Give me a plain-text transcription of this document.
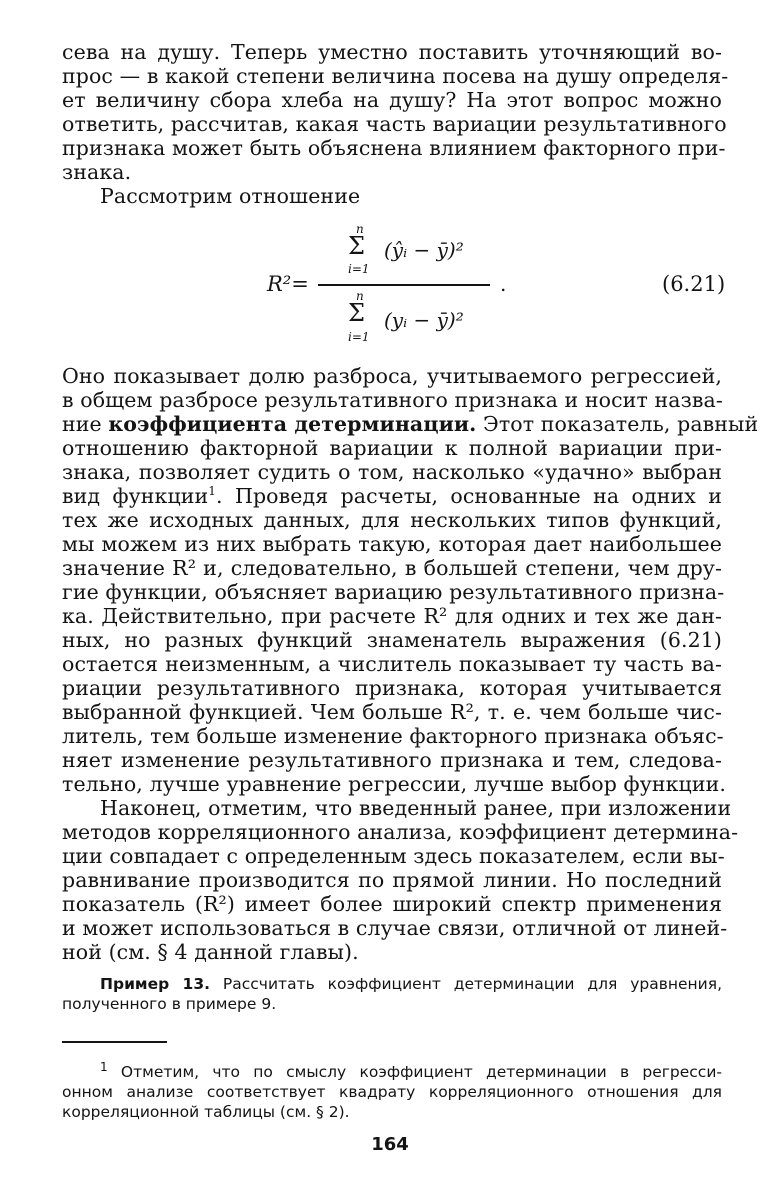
сева на душу. Теперь уместно поставить уточняющий во-
прос — в какой степени величина посева на душу определя-
ет величину сбора хлеба на душу? На этот вопрос можно
ответить, рассчитав, какая часть вариации результативного
признака может быть объяснена влиянием факторного при-
знака.
Рассмотрим отношение
R²=
n
Σ
i=1
(ŷᵢ − ȳ)²
n
Σ
i=1
(yᵢ − ȳ)²
.	(6.21)
Оно показывает долю разброса, учитываемого регрессией,
в общем разбросе результативного признака и носит назва-
ние коэффициента детерминации. Этот показатель, равный
отношению факторной вариации к полной вариации при-
знака, позволяет судить о том, насколько «удачно» выбран
вид функции$^1$. Проведя расчеты, основанные на одних и
тех же исходных данных, для нескольких типов функций,
мы можем из них выбрать такую, которая дает наибольшее
значение R² и, следовательно, в большей степени, чем дру-
гие функции, объясняет вариацию результативного призна-
ка. Действительно, при расчете R² для одних и тех же дан-
ных, но разных функций знаменатель выражения (6.21)
остается неизменным, а числитель показывает ту часть ва-
риации результативного признака, которая учитывается
выбранной функцией. Чем больше R², т. е. чем больше чис-
литель, тем больше изменение факторного признака объяс-
няет изменение результативного признака и тем, следова-
тельно, лучше уравнение регрессии, лучше выбор функции.
Наконец, отметим, что введенный ранее, при изложении
методов корреляционного анализа, коэффициент детермина-
ции совпадает с определенным здесь показателем, если вы-
равнивание производится по прямой линии. Но последний
показатель (R²) имеет более широкий спектр применения
и может использоваться в случае связи, отличной от линей-
ной (см. § 4 данной главы).
Пример 13. Рассчитать коэффициент детерминации для уравнения,
полученного в примере 9.
$^1$ Отметим, что по смыслу коэффициент детерминации в регресси-
онном анализе соответствует квадрату корреляционного отношения для
корреляционной таблицы (см. § 2).
164
